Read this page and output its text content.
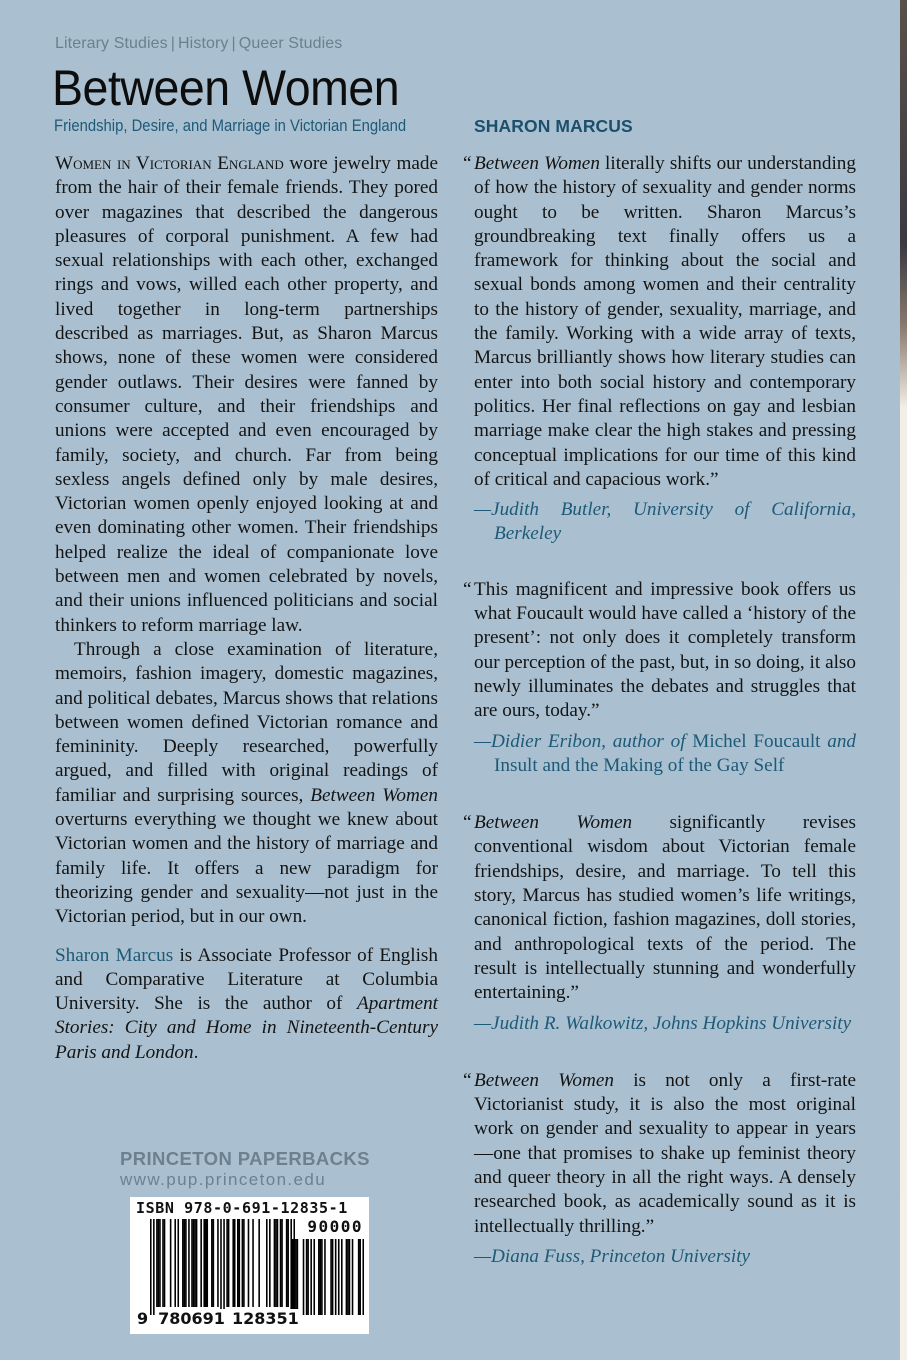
Literary Studies | History | Queer Studies
Between Women
Friendship, Desire, and Marriage in Victorian England	SHARON MARCUS

Women in Victorian England wore jewelry made from the hair of their female friends. They pored over magazines that described the dangerous pleasures of corporal punishment. A few had sexual relationships with each other, exchanged rings and vows, willed each other property, and lived together in long-term partnerships described as marriages. But, as Sharon Marcus shows, none of these women were considered gender outlaws. Their desires were fanned by consumer culture, and their friendships and unions were accepted and even encouraged by family, society, and church. Far from being sexless angels defined only by male desires, Victorian women openly enjoyed looking at and even dominating other women. Their friendships helped realize the ideal of companionate love between men and women celebrated by novels, and their unions influenced politicians and social thinkers to reform marriage law.

Through a close examination of literature, memoirs, fashion imagery, domestic magazines, and political debates, Marcus shows that relations between women defined Victorian romance and femininity. Deeply researched, powerfully argued, and filled with original readings of familiar and surprising sources, Between Women overturns everything we thought we knew about Victorian women and the history of marriage and family life. It offers a new paradigm for theorizing gender and sexuality—not just in the Victorian period, but in our own.

Sharon Marcus is Associate Professor of English and Comparative Literature at Columbia University. She is the author of Apartment Stories: City and Home in Nineteenth-Century Paris and London.

“ Between Women literally shifts our understanding of how the history of sexuality and gender norms ought to be written. Sharon Marcus’s groundbreaking text finally offers us a framework for thinking about the social and sexual bonds among women and their centrality to the history of gender, sexuality, marriage, and the family. Working with a wide array of texts, Marcus brilliantly shows how literary studies can enter into both social history and contemporary politics. Her final reflections on gay and lesbian marriage make clear the high stakes and pressing conceptual implications for our time of this kind of critical and capacious work.”

—Judith Butler, University of California, Berkeley

“ This magnificent and impressive book offers us what Foucault would have called a ‘history of the present’: not only does it completely transform our perception of the past, but, in so doing, it also newly illuminates the debates and struggles that are ours, today.”

—Didier Eribon, author of Michel Foucault and Insult and the Making of the Gay Self

“ Between Women significantly revises conventional wisdom about Victorian female friendships, desire, and marriage. To tell this story, Marcus has studied women’s life writings, canonical fiction, fashion magazines, doll stories, and anthropological texts of the period. The result is intellectually stunning and wonderfully entertaining.”

—Judith R. Walkowitz, Johns Hopkins University

“ Between Women is not only a first-rate Victorianist study, it is also the most original work on gender and sexuality to appear in years—one that promises to shake up feminist theory and queer theory in all the right ways. A densely researched book, as academically sound as it is intellectually thrilling.”

—Diana Fuss, Princeton University

PRINCETON PAPERBACKS
www.pup.princeton.edu
ISBN 978-0-691-12835-1
90000
9 780691 128351
